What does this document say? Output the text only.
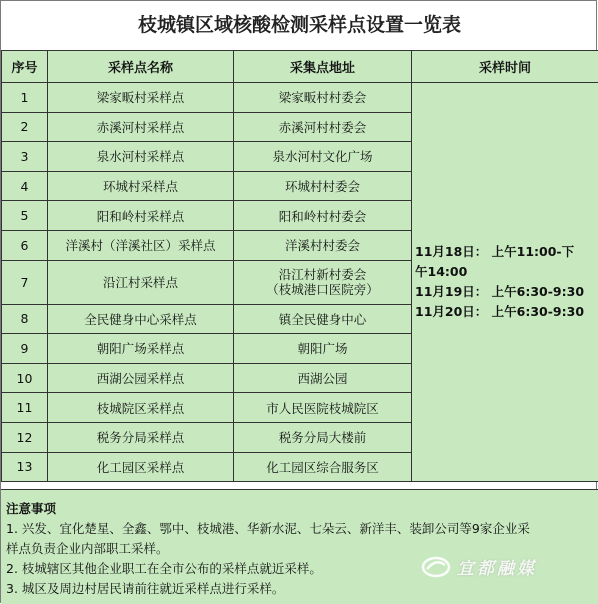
枝城镇区域核酸检测采样点设置一览表
序号	采样点名称	采集点地址	采样时间
1	梁家畈村采样点	梁家畈村村委会	11月18日： 上午11:00-下
午14:00
11月19日： 上午6:30-9:30
11月20日： 上午6:30-9:30

2	赤溪河村采样点	赤溪河村村委会	
3	泉水河村采样点	泉水河村文化广场	
4	环城村采样点	环城村村委会	
5	阳和岭村采样点	阳和岭村村委会	
6	洋溪村（洋溪社区）采样点	洋溪村村委会	
7	沿江村采样点	沿江村新村委会
（枝城港口医院旁）	

8	全民健身中心采样点	镇全民健身中心	
9	朝阳广场采样点	朝阳广场	
10	西湖公园采样点	西湖公园	
11	枝城院区采样点	市人民医院枝城院区	
12	税务分局采样点	税务分局大楼前	
13	化工园区采样点	化工园区综合服务区	
注意事项
1. 兴发、宜化楚星、全鑫、鄂中、枝城港、华新水泥、七朵云、新洋丰、装卸公司等9家企业采
样点负责企业内部职工采样。
2. 枝城辖区其他企业职工在全市公布的采样点就近采样。
3. 城区及周边村居民请前往就近采样点进行采样。
宜都融媒
